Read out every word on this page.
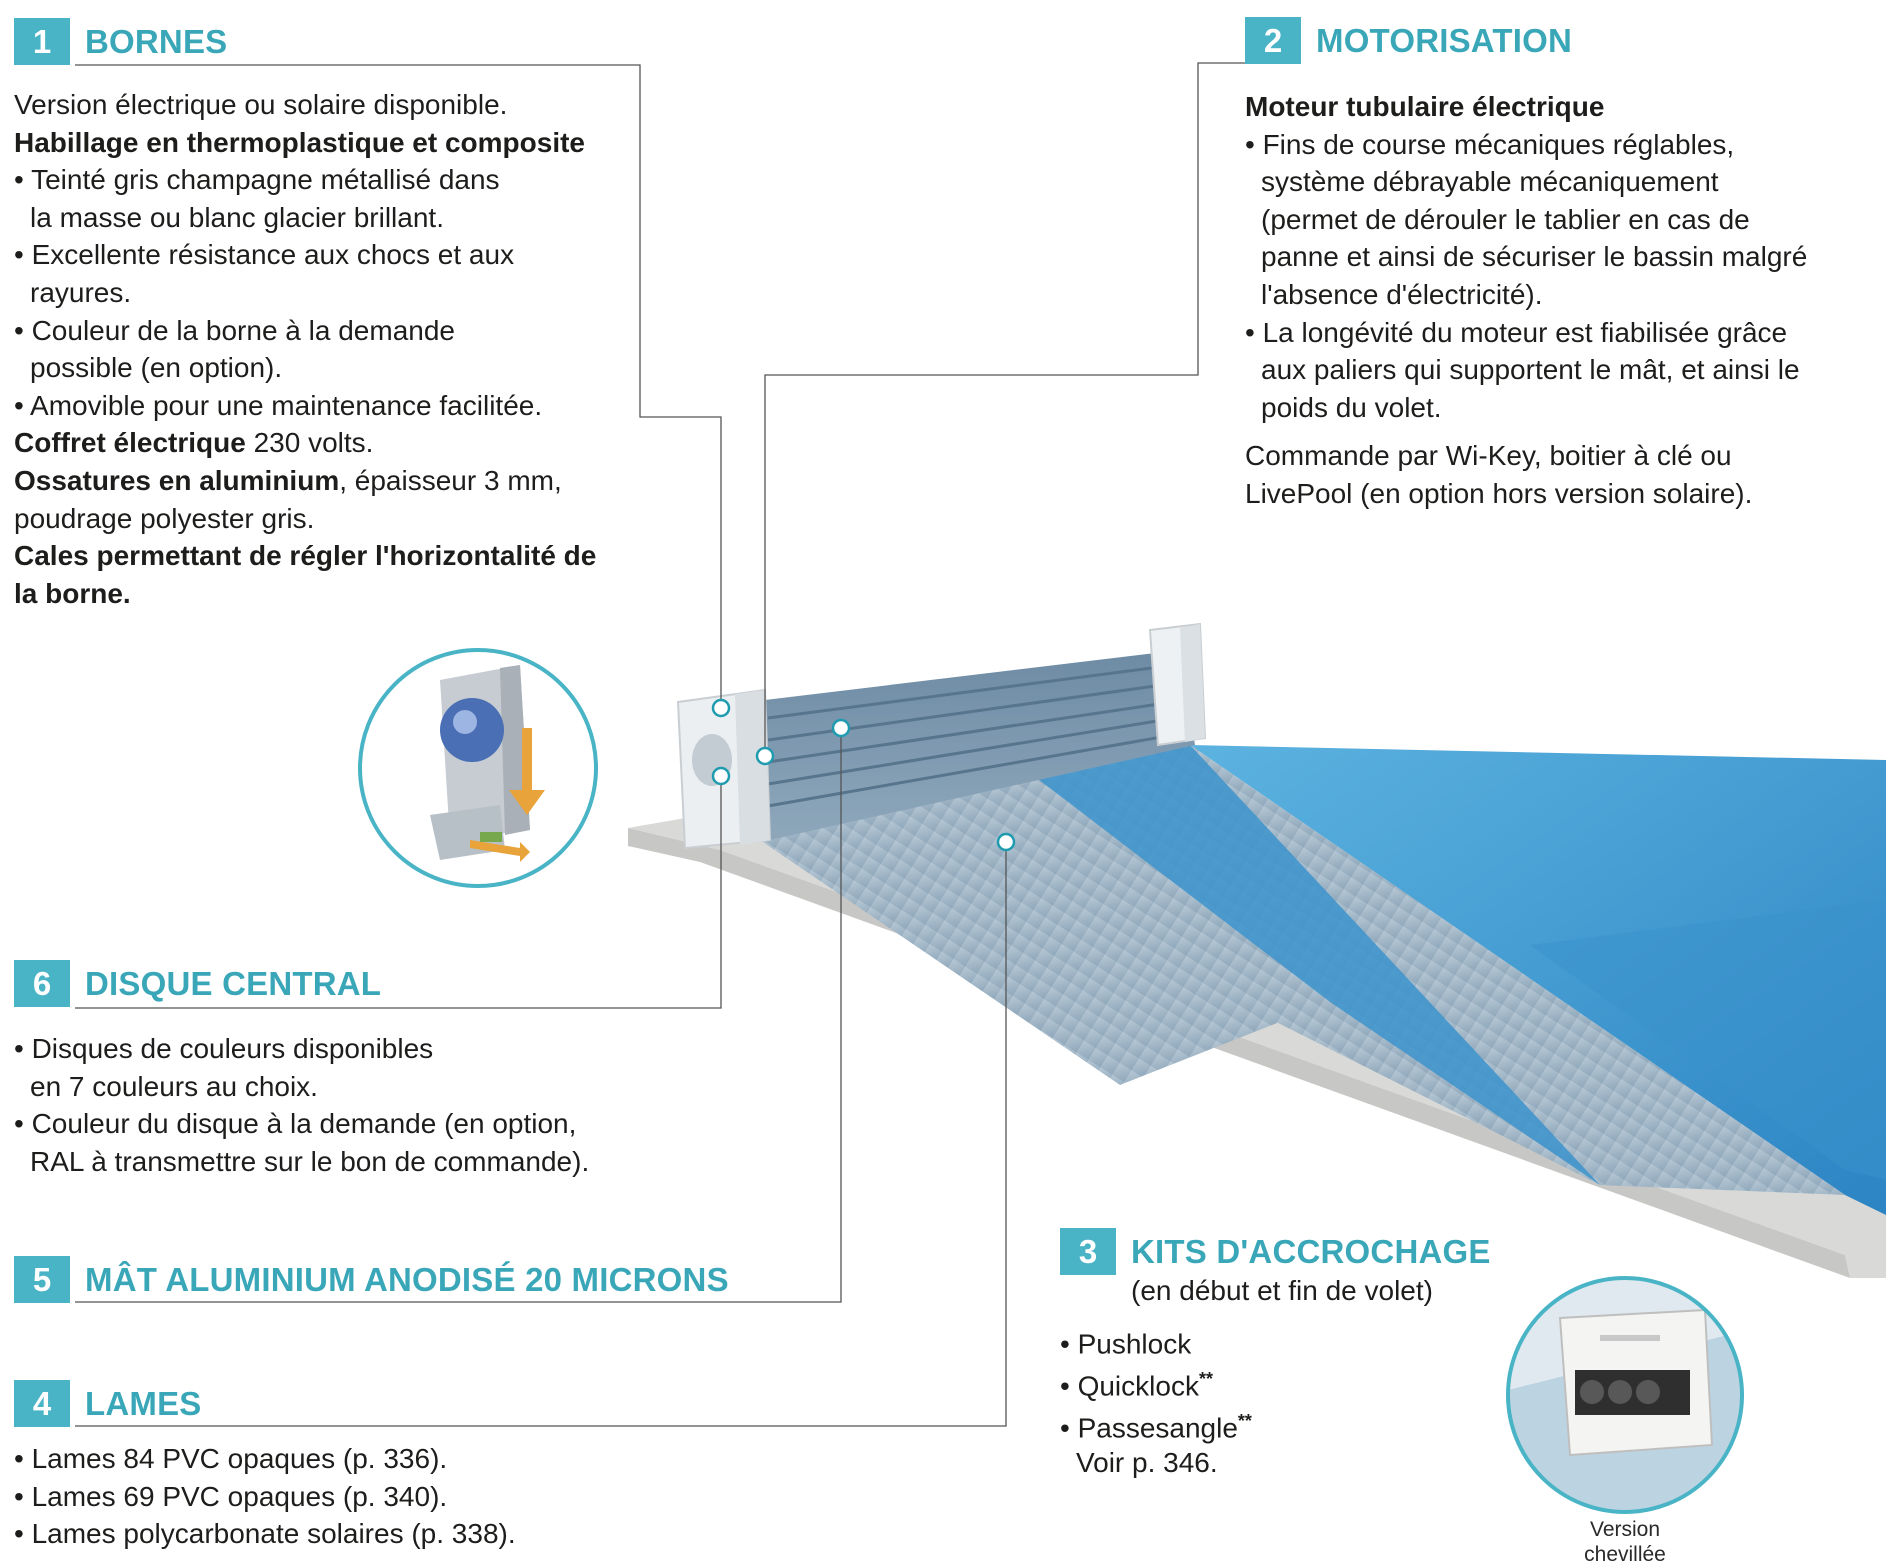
1	BORNES
Version électrique ou solaire disponible.
Habillage en thermoplastique et composite
• Teinté gris champagne métallisé dans
la masse ou blanc glacier brillant.
• Excellente résistance aux chocs et aux
rayures.
• Couleur de la borne à la demande
possible (en option).
• Amovible pour une maintenance facilitée.
Coffret électrique 230 volts.
Ossatures en aluminium, épaisseur 3 mm,
poudrage polyester gris.
Cales permettant de régler l'horizontalité de
la borne.
2	MOTORISATION
Moteur tubulaire électrique
• Fins de course mécaniques réglables,
système débrayable mécaniquement
(permet de dérouler le tablier en cas de
panne et ainsi de sécuriser le bassin malgré
l'absence d'électricité).
• La longévité du moteur est fiabilisée grâce
aux paliers qui supportent le mât, et ainsi le
poids du volet.
Commande par Wi-Key, boitier à clé ou
LivePool (en option hors version solaire).
6	DISQUE CENTRAL
• Disques de couleurs disponibles
en 7 couleurs au choix.
• Couleur du disque à la demande (en option,
RAL à transmettre sur le bon de commande).
5	MÂT ALUMINIUM ANODISÉ 20 MICRONS
4	LAMES
• Lames 84 PVC opaques (p. 336).
• Lames 69 PVC opaques (p. 340).
• Lames polycarbonate solaires (p. 338).
3	KITS D'ACCROCHAGE
(en début et fin de volet)
• Pushlock
• Quicklock**
• Passesangle**
Voir p. 346.
Version
chevillée
